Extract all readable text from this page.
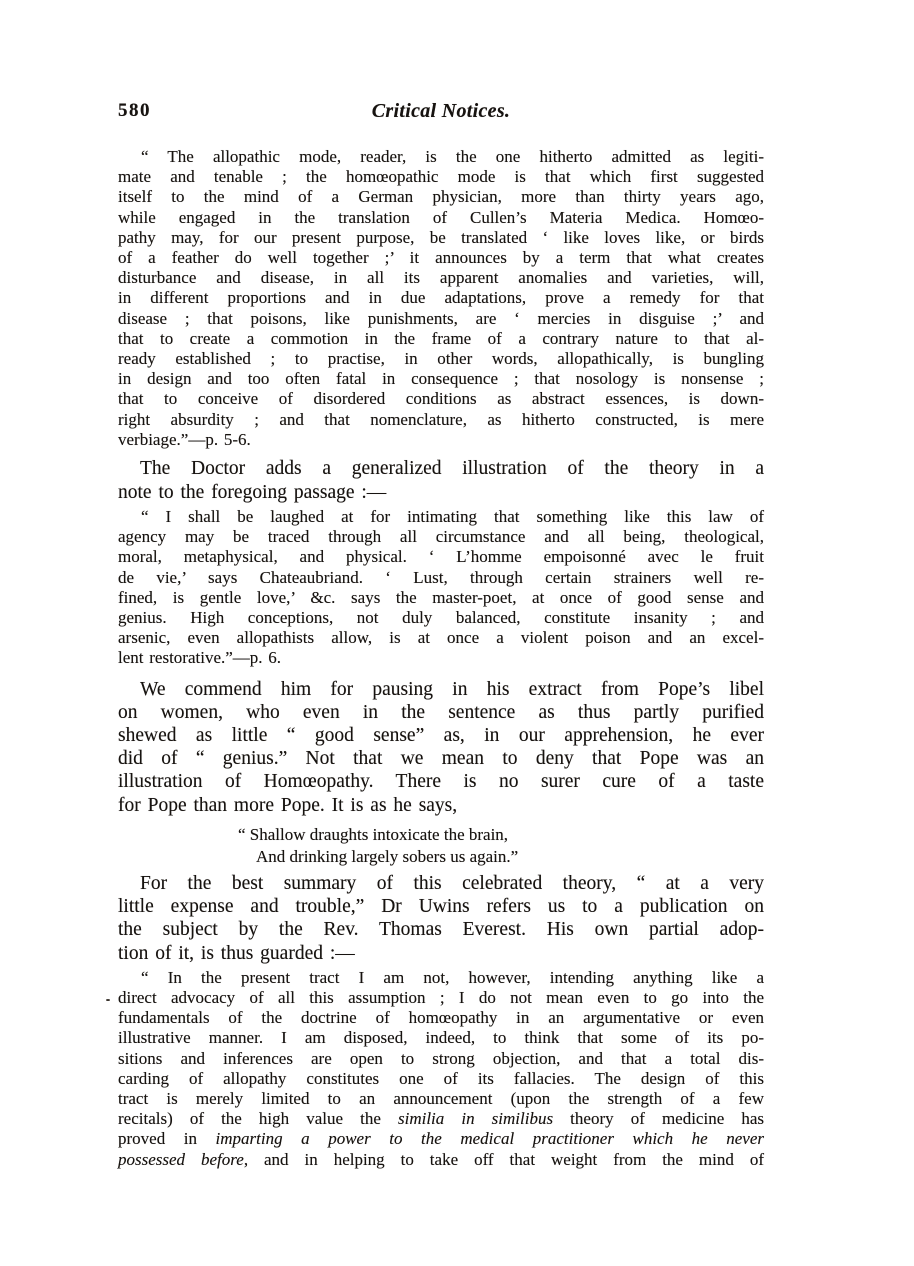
580	Critical Notices.
“ The allopathic mode, reader, is the one hitherto admitted as legiti-
mate and tenable ; the homœopathic mode is that which first suggested
itself to the mind of a German physician, more than thirty years ago,
while engaged in the translation of Cullen’s Materia Medica. Homœo-
pathy may, for our present purpose, be translated ‘ like loves like, or birds
of a feather do well together ;’ it announces by a term that what creates
disturbance and disease, in all its apparent anomalies and varieties, will,
in different proportions and in due adaptations, prove a remedy for that
disease ; that poisons, like punishments, are ‘ mercies in disguise ;’ and
that to create a commotion in the frame of a contrary nature to that al-
ready established ; to practise, in other words, allopathically, is bungling
in design and too often fatal in consequence ; that nosology is nonsense ;
that to conceive of disordered conditions as abstract essences, is down-
right absurdity ; and that nomenclature, as hitherto constructed, is mere
verbiage.”—p. 5-6.
The Doctor adds a generalized illustration of the theory in a
note to the foregoing passage :—
“ I shall be laughed at for intimating that something like this law of
agency may be traced through all circumstance and all being, theological,
moral, metaphysical, and physical. ‘ L’homme empoisonné avec le fruit
de vie,’ says Chateaubriand. ‘ Lust, through certain strainers well re-
fined, is gentle love,’ &c. says the master-poet, at once of good sense and
genius. High conceptions, not duly balanced, constitute insanity ; and
arsenic, even allopathists allow, is at once a violent poison and an excel-
lent restorative.”—p. 6.
We commend him for pausing in his extract from Pope’s libel
on women, who even in the sentence as thus partly purified
shewed as little “ good sense” as, in our apprehension, he ever
did of “ genius.” Not that we mean to deny that Pope was an
illustration of Homœopathy. There is no surer cure of a taste
for Pope than more Pope. It is as he says,
“ Shallow draughts intoxicate the brain,
And drinking largely sobers us again.”
For the best summary of this celebrated theory, “ at a very
little expense and trouble,” Dr Uwins refers us to a publication on
the subject by the Rev. Thomas Everest. His own partial adop-
tion of it, is thus guarded :—
“ In the present tract I am not, however, intending anything like a
direct advocacy of all this assumption ; I do not mean even to go into the
fundamentals of the doctrine of homœopathy in an argumentative or even
illustrative manner. I am disposed, indeed, to think that some of its po-
sitions and inferences are open to strong objection, and that a total dis-
carding of allopathy constitutes one of its fallacies. The design of this
tract is merely limited to an announcement (upon the strength of a few
recitals) of the high value the similia in similibus theory of medicine has
proved in imparting a power to the medical practitioner which he never
possessed before, and in helping to take off that weight from the mind of
